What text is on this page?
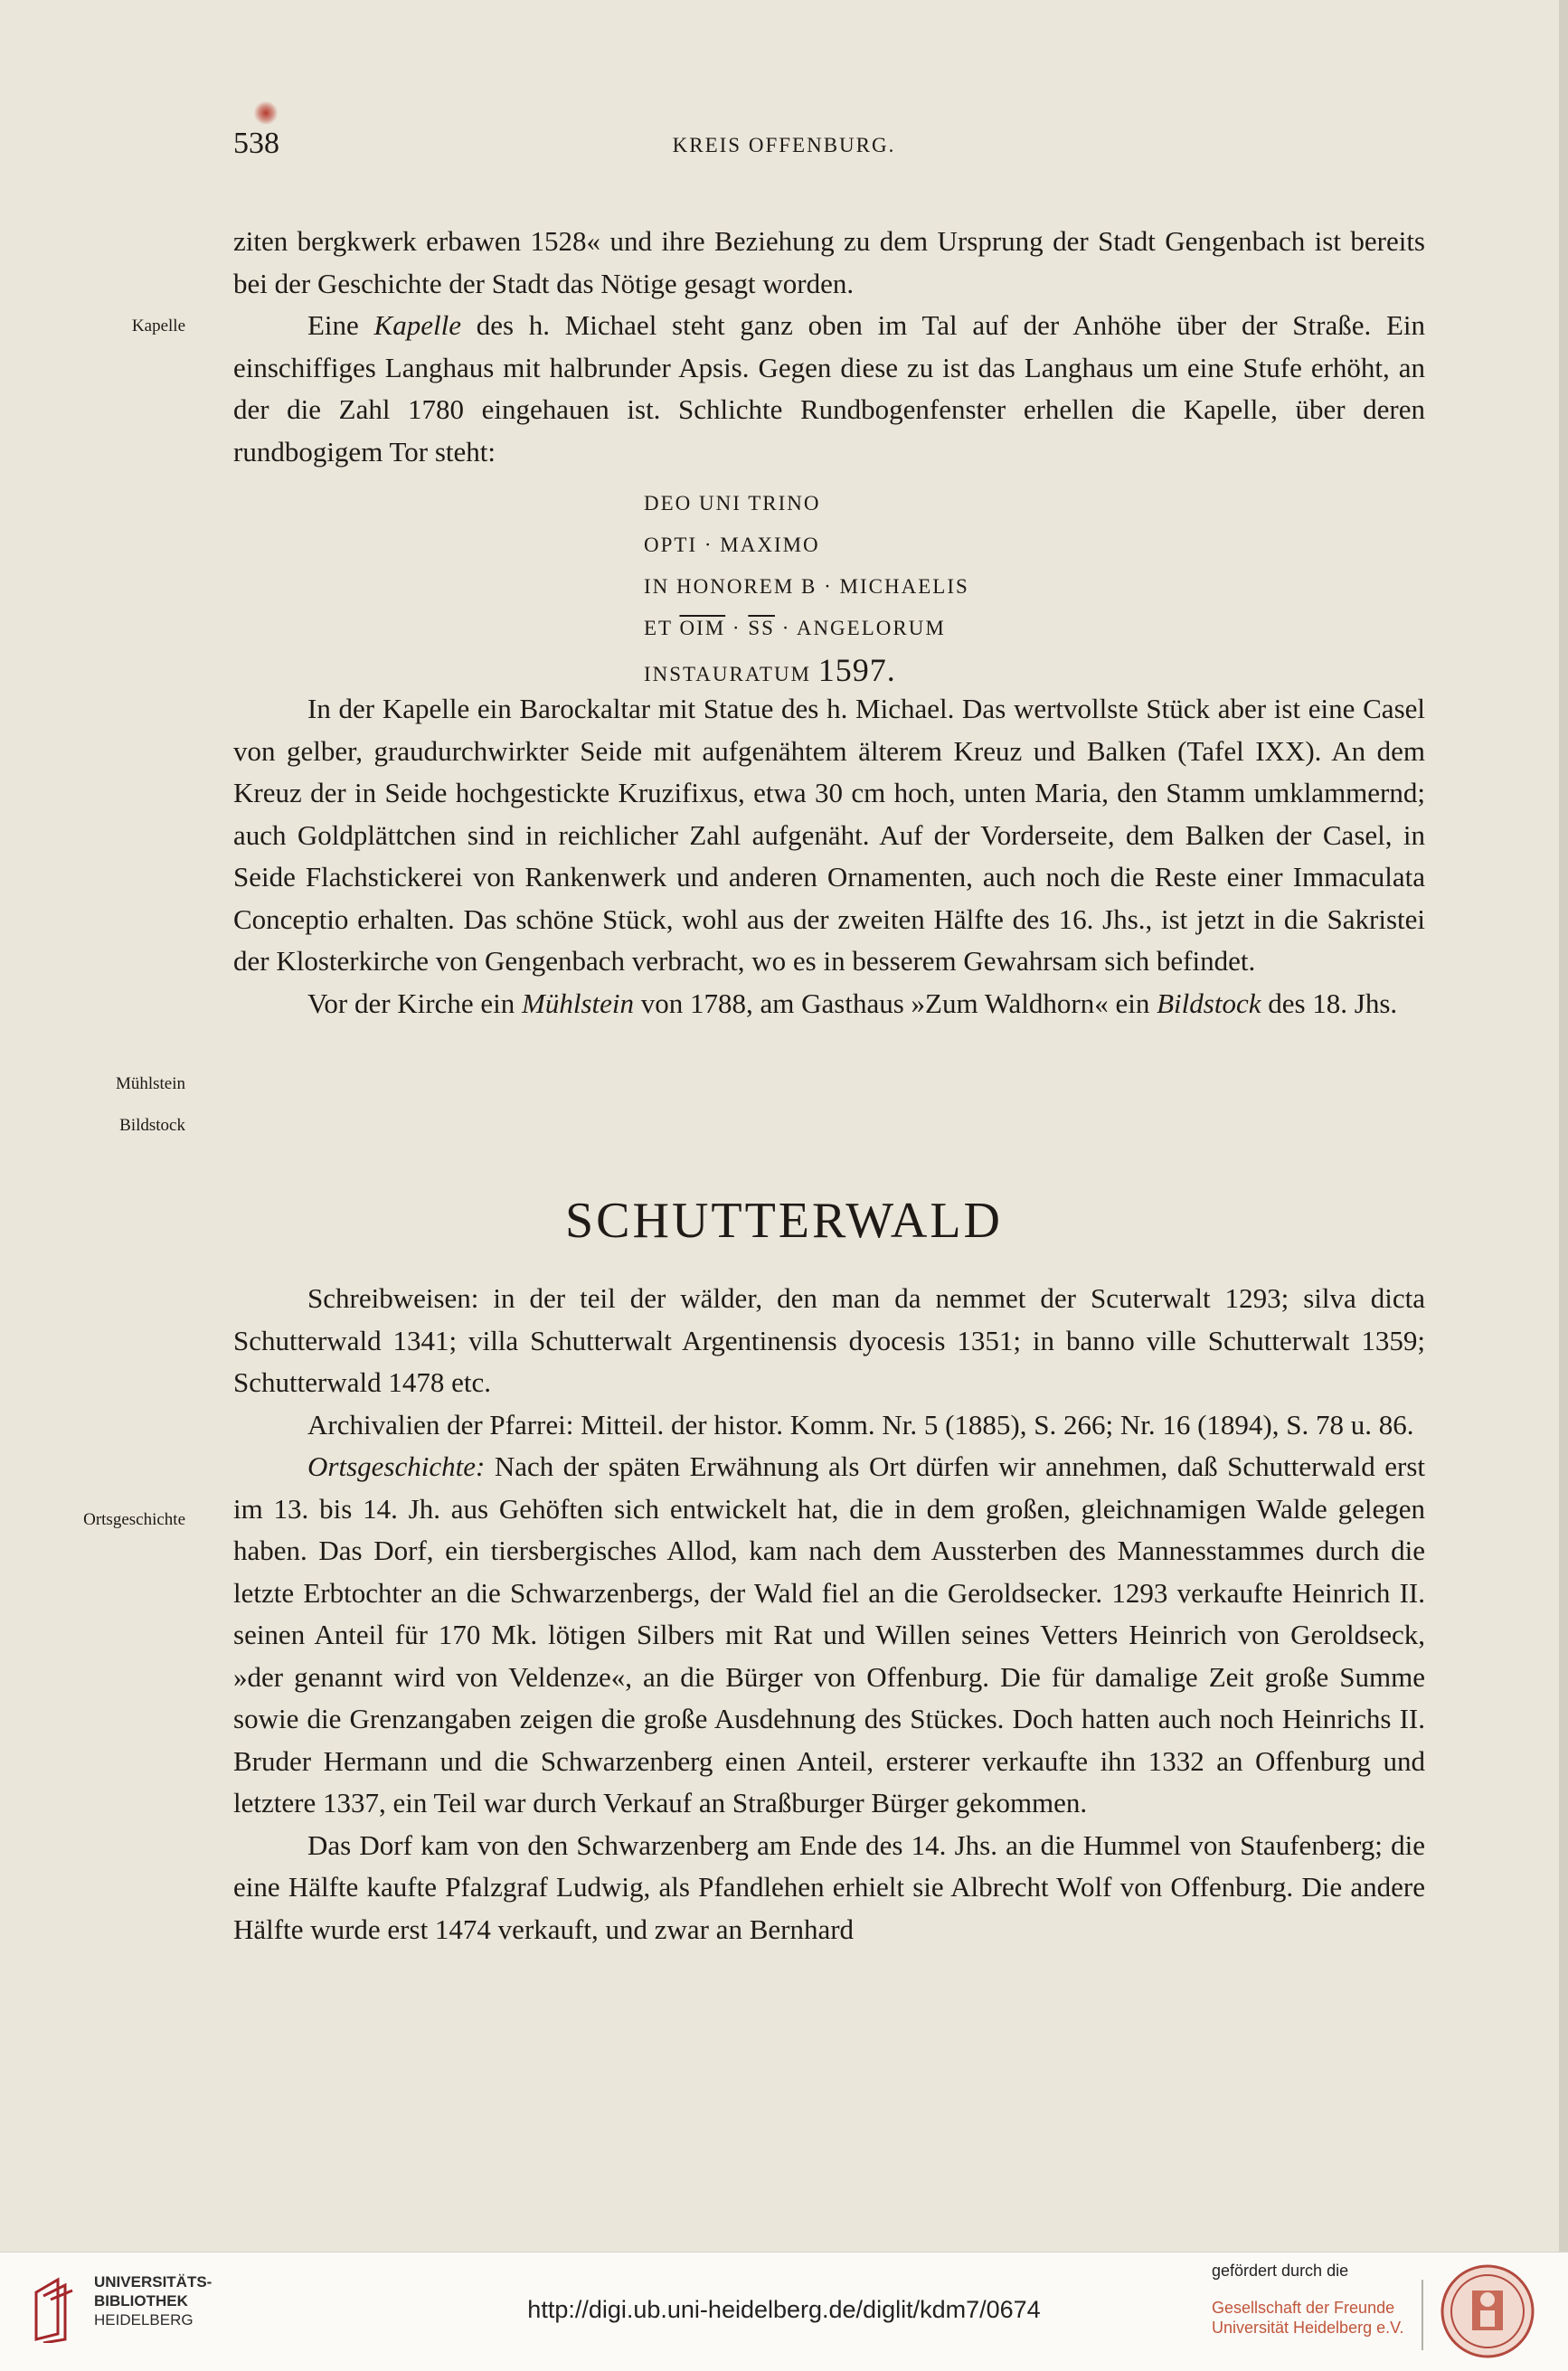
538	KREIS OFFENBURG.
Kapelle
Mühlstein
Bildstock
Ortsgeschichte

ziten bergkwerk erbawen 1528« und ihre Beziehung zu dem Ursprung der Stadt Gengenbach ist bereits bei der Geschichte der Stadt das Nötige gesagt worden.

Eine Kapelle des h. Michael steht ganz oben im Tal auf der Anhöhe über der Straße. Ein einschiffiges Langhaus mit halbrunder Apsis. Gegen diese zu ist das Langhaus um eine Stufe erhöht, an der die Zahl 1780 eingehauen ist. Schlichte Rundbogenfenster erhellen die Kapelle, über deren rundbogigem Tor steht:

DEO UNI TRINO
OPTI · MAXIMO
IN HONOREM B · MICHAELIS
ET $\overline{OIM} \cdot \overline{SS}$ · ANGELORUM
INSTAURATUM 1597.

In der Kapelle ein Barockaltar mit Statue des h. Michael. Das wertvollste Stück aber ist eine Casel von gelber, graudurchwirkter Seide mit aufgenähtem älterem Kreuz und Balken (Tafel IXX). An dem Kreuz der in Seide hochgestickte Kruzifixus, etwa 30 cm hoch, unten Maria, den Stamm umklammernd; auch Goldplättchen sind in reichlicher Zahl aufgenäht. Auf der Vorderseite, dem Balken der Casel, in Seide Flachstickerei von Rankenwerk und anderen Ornamenten, auch noch die Reste einer Immaculata Conceptio erhalten. Das schöne Stück, wohl aus der zweiten Hälfte des 16. Jhs., ist jetzt in die Sakristei der Klosterkirche von Gengenbach verbracht, wo es in besserem Gewahrsam sich befindet.

Vor der Kirche ein Mühlstein von 1788, am Gasthaus »Zum Waldhorn« ein Bildstock des 18. Jhs.

SCHUTTERWALD

Schreibweisen: in der teil der wälder, den man da nemmet der Scuterwalt 1293; silva dicta Schutterwald 1341; villa Schutterwalt Argentinensis dyocesis 1351; in banno ville Schutterwalt 1359; Schutterwald 1478 etc.

Archivalien der Pfarrei: Mitteil. der histor. Komm. Nr. 5 (1885), S. 266; Nr. 16 (1894), S. 78 u. 86.

Ortsgeschichte: Nach der späten Erwähnung als Ort dürfen wir annehmen, daß Schutterwald erst im 13. bis 14. Jh. aus Gehöften sich entwickelt hat, die in dem großen, gleichnamigen Walde gelegen haben. Das Dorf, ein tiersbergisches Allod, kam nach dem Aussterben des Mannesstammes durch die letzte Erbtochter an die Schwarzenbergs, der Wald fiel an die Geroldsecker. 1293 verkaufte Heinrich II. seinen Anteil für 170 Mk. lötigen Silbers mit Rat und Willen seines Vetters Heinrich von Geroldseck, »der genannt wird von Veldenze«, an die Bürger von Offenburg. Die für damalige Zeit große Summe sowie die Grenzangaben zeigen die große Ausdehnung des Stückes. Doch hatten auch noch Heinrichs II. Bruder Hermann und die Schwarzenberg einen Anteil, ersterer verkaufte ihn 1332 an Offenburg und letztere 1337, ein Teil war durch Verkauf an Straßburger Bürger gekommen.

Das Dorf kam von den Schwarzenberg am Ende des 14. Jhs. an die Hummel von Staufenberg; die eine Hälfte kaufte Pfalzgraf Ludwig, als Pfandlehen erhielt sie Albrecht Wolf von Offenburg. Die andere Hälfte wurde erst 1474 verkauft, und zwar an Bernhard

UNIVERSITÄTS-
BIBLIOTHEK
HEIDELBERG	http://digi.ub.uni-heidelberg.de/diglit/kdm7/0674
gefördert durch die
Gesellschaft der Freunde
Universität Heidelberg e.V.
